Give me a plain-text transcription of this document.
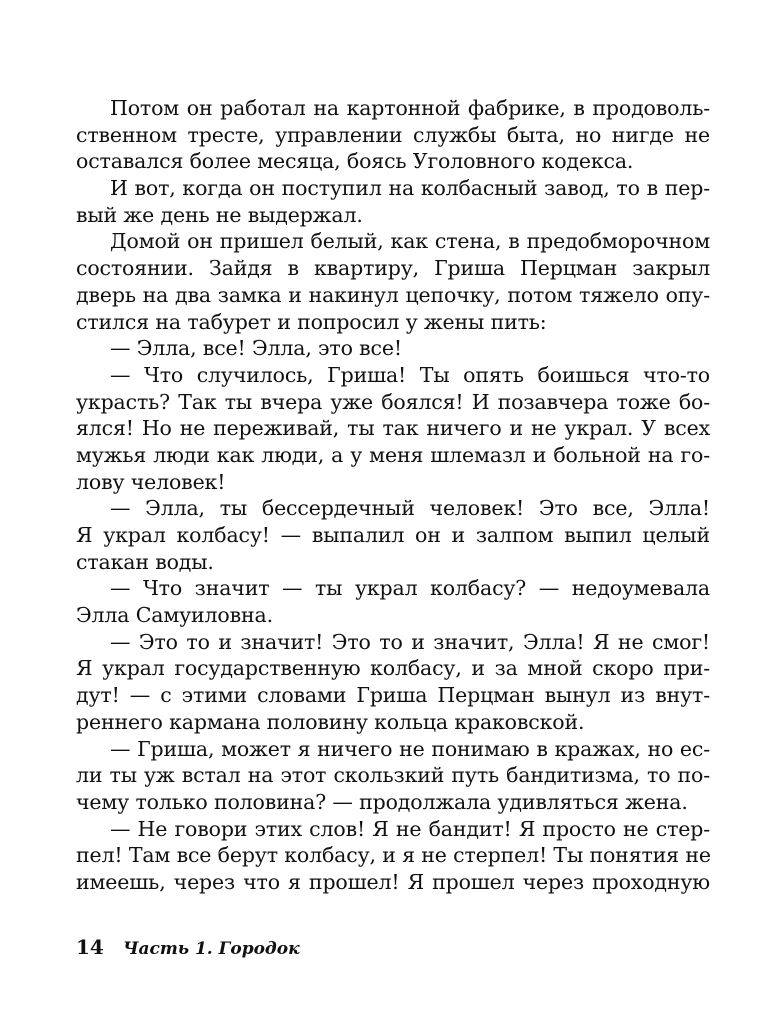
Потом он работал на картонной фабрике, в продоволь-
ственном тресте, управлении службы быта, но нигде не
оставался более месяца, боясь Уголовного кодекса.
И вот, когда он поступил на колбасный завод, то в пер-
вый же день не выдержал.
Домой он пришел белый, как стена, в предобморочном
состоянии. Зайдя в квартиру, Гриша Перцман закрыл
дверь на два замка и накинул цепочку, потом тяжело опу-
стился на табурет и попросил у жены пить:
— Элла, все! Элла, это все!
— Что случилось, Гриша! Ты опять боишься что-то
украсть? Так ты вчера уже боялся! И позавчера тоже бо-
ялся! Но не переживай, ты так ничего и не украл. У всех
мужья люди как люди, а у меня шлемазл и больной на го-
лову человек!
— Элла, ты бессердечный человек! Это все, Элла!
Я украл колбасу! — выпалил он и залпом выпил целый
стакан воды.
— Что значит — ты украл колбасу? — недоумевала
Элла Самуиловна.
— Это то и значит! Это то и значит, Элла! Я не смог!
Я украл государственную колбасу, и за мной скоро при-
дут! — с этими словами Гриша Перцман вынул из внут-
реннего кармана половину кольца краковской.
— Гриша, может я ничего не понимаю в кражах, но ес-
ли ты уж встал на этот скользкий путь бандитизма, то по-
чему только половина? — продолжала удивляться жена.
— Не говори этих слов! Я не бандит! Я просто не стер-
пел! Там все берут колбасу, и я не стерпел! Ты понятия не
имеешь, через что я прошел! Я прошел через проходную
14 Часть 1. Городок
